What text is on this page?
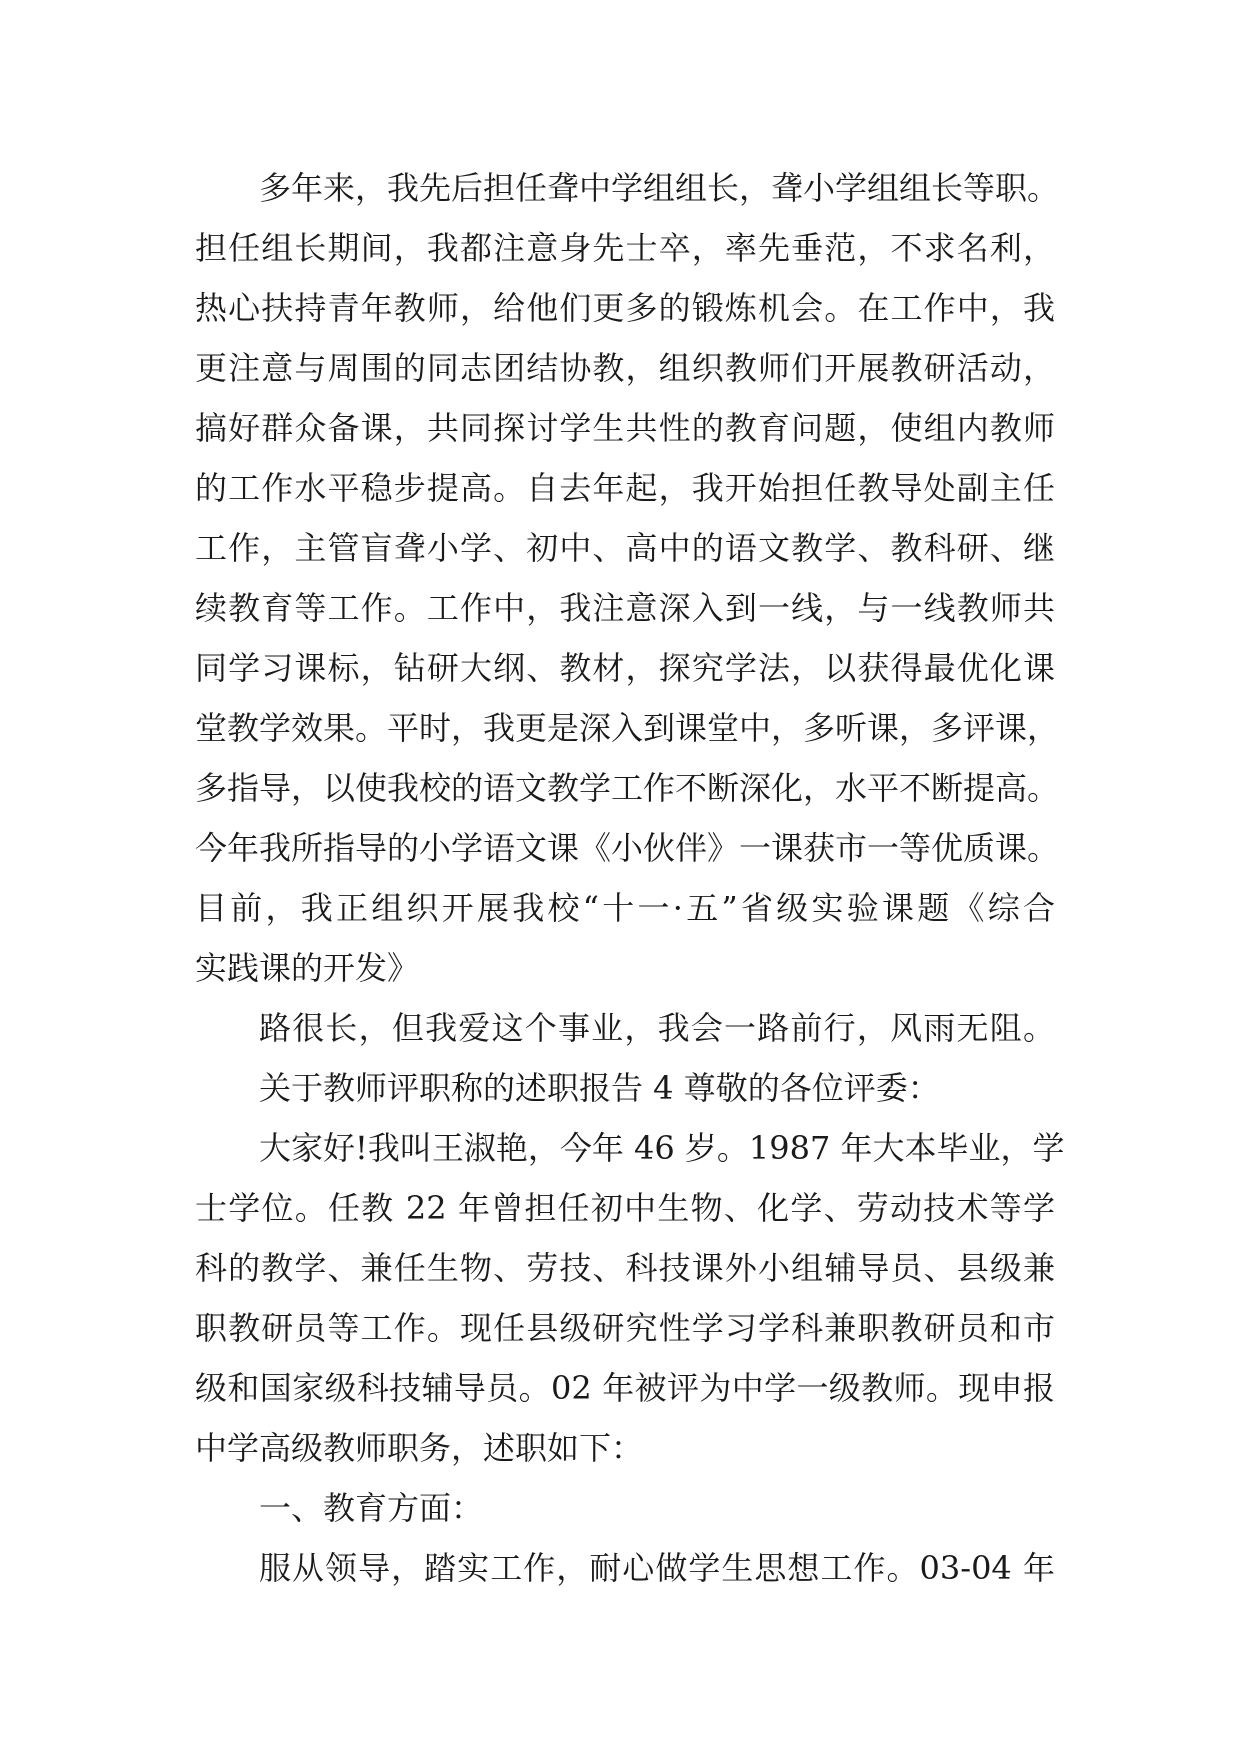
多年来，我先后担任聋中学组组长，聋小学组组长等职。
担任组长期间，我都注意身先士卒，率先垂范，不求名利，
热心扶持青年教师，给他们更多的锻炼机会。在工作中，我
更注意与周围的同志团结协教，组织教师们开展教研活动，
搞好群众备课，共同探讨学生共性的教育问题，使组内教师
的工作水平稳步提高。自去年起，我开始担任教导处副主任
工作，主管盲聋小学、初中、高中的语文教学、教科研、继
续教育等工作。工作中，我注意深入到一线，与一线教师共
同学习课标，钻研大纲、教材，探究学法，以获得最优化课
堂教学效果。平时，我更是深入到课堂中，多听课，多评课，
多指导，以使我校的语文教学工作不断深化，水平不断提高。
今年我所指导的小学语文课《小伙伴》一课获市一等优质课。
目前，我正组织开展我校“十一·五”省级实验课题《综合
实践课的开发》
路很长，但我爱这个事业，我会一路前行，风雨无阻。
关于教师评职称的述职报告 4 尊敬的各位评委：
大家好!我叫王淑艳，今年 46 岁。1987 年大本毕业，学
士学位。任教 22 年曾担任初中生物、化学、劳动技术等学
科的教学、兼任生物、劳技、科技课外小组辅导员、县级兼
职教研员等工作。现任县级研究性学习学科兼职教研员和市
级和国家级科技辅导员。02 年被评为中学一级教师。现申报
中学高级教师职务，述职如下：
一、教育方面：
服从领导，踏实工作，耐心做学生思想工作。03-04 年
